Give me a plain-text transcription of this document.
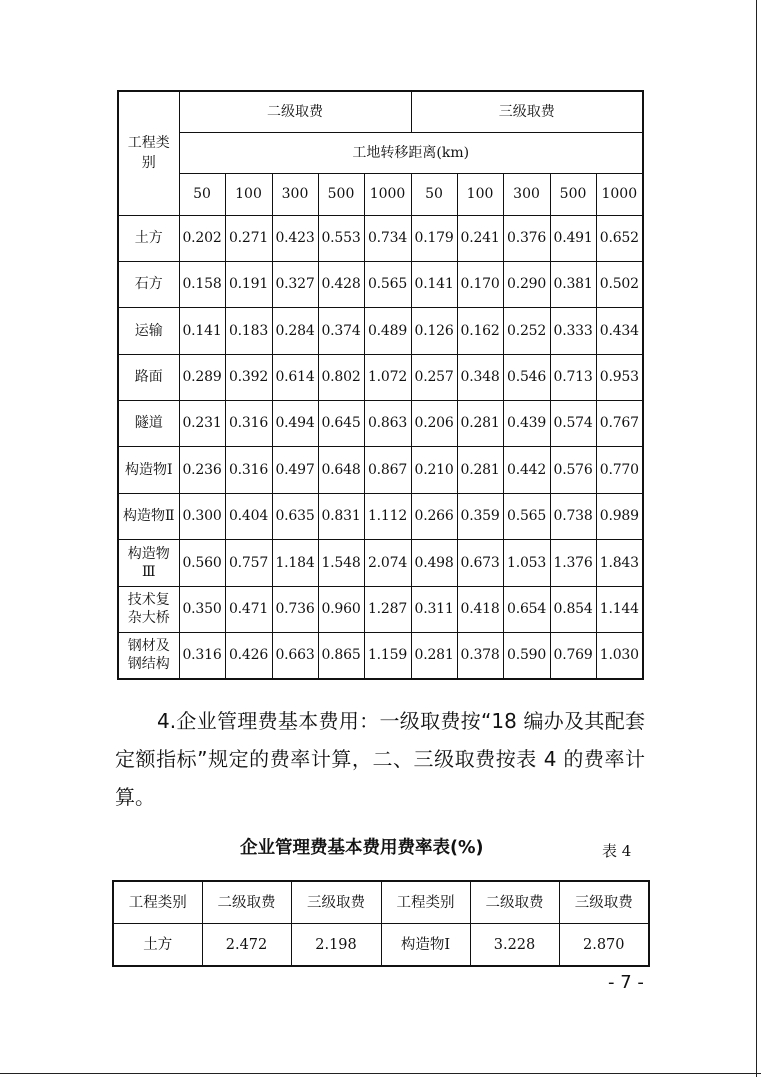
工程类别	二级取费					三级取费				
	工地转移距离(km)									
	50	100	300	500	1000	50	100	300	500	1000
土方	0.202	0.271	0.423	0.553	0.734	0.179	0.241	0.376	0.491	0.652
石方	0.158	0.191	0.327	0.428	0.565	0.141	0.170	0.290	0.381	0.502
运输	0.141	0.183	0.284	0.374	0.489	0.126	0.162	0.252	0.333	0.434
路面	0.289	0.392	0.614	0.802	1.072	0.257	0.348	0.546	0.713	0.953
隧道	0.231	0.316	0.494	0.645	0.863	0.206	0.281	0.439	0.574	0.767
构造物Ⅰ	0.236	0.316	0.497	0.648	0.867	0.210	0.281	0.442	0.576	0.770
构造物Ⅱ	0.300	0.404	0.635	0.831	1.112	0.266	0.359	0.565	0.738	0.989
构造物Ⅲ	0.560	0.757	1.184	1.548	2.074	0.498	0.673	1.053	1.376	1.843
技术复杂大桥	0.350	0.471	0.736	0.960	1.287	0.311	0.418	0.654	0.854	1.144
钢材及钢结构	0.316	0.426	0.663	0.865	1.159	0.281	0.378	0.590	0.769	1.030

4.企业管理费基本费用：一级取费按“18 编办及其配套定额指标”规定的费率计算，二、三级取费按表 4 的费率计算。

企业管理费基本费用费率表(%)	表 4
工程类别	二级取费	三级取费	工程类别	二级取费	三级取费
土方	2.472	2.198	构造物Ⅰ	3.228	2.870
- 7 -
